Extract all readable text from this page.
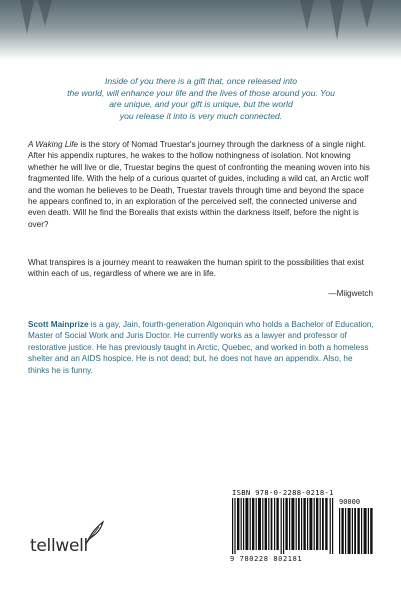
Inside of you there is a gift that, once released into
the world, will enhance your life and the lives of those around you. You
are unique, and your gift is unique, but the world
you release it into is very much connected.
A Waking Life is the story of Nomad Truestar's journey through the darkness of a single night. After his appendix ruptures, he wakes to the hollow nothingness of isolation. Not knowing whether he will live or die, Truestar begins the quest of confronting the meaning woven into his fragmented life. With the help of a curious quartet of guides, including a wild cat, an Arctic wolf and the woman he believes to be Death, Truestar travels through time and beyond the space he appears confined to, in an exploration of the perceived self, the connected universe and even death. Will he find the Borealis that exists within the darkness itself, before the night is over?
What transpires is a journey meant to reawaken the human spirit to the possibilities that exist within each of us, regardless of where we are in life.
—Miigwetch
Scott Mainprize is a gay, Jain, fourth-generation Algonquin who holds a Bachelor of Education, Master of Social Work and Juris Doctor. He currently works as a lawyer and professor of restorative justice. He has previously taught in Arctic, Quebec, and worked in both a homeless shelter and an AIDS hospice. He is not dead; but, he does not have an appendix. Also, he thinks he is funny.
tellwell
ISBN 978-0-2288-0218-1
90000
9 780228 802181
